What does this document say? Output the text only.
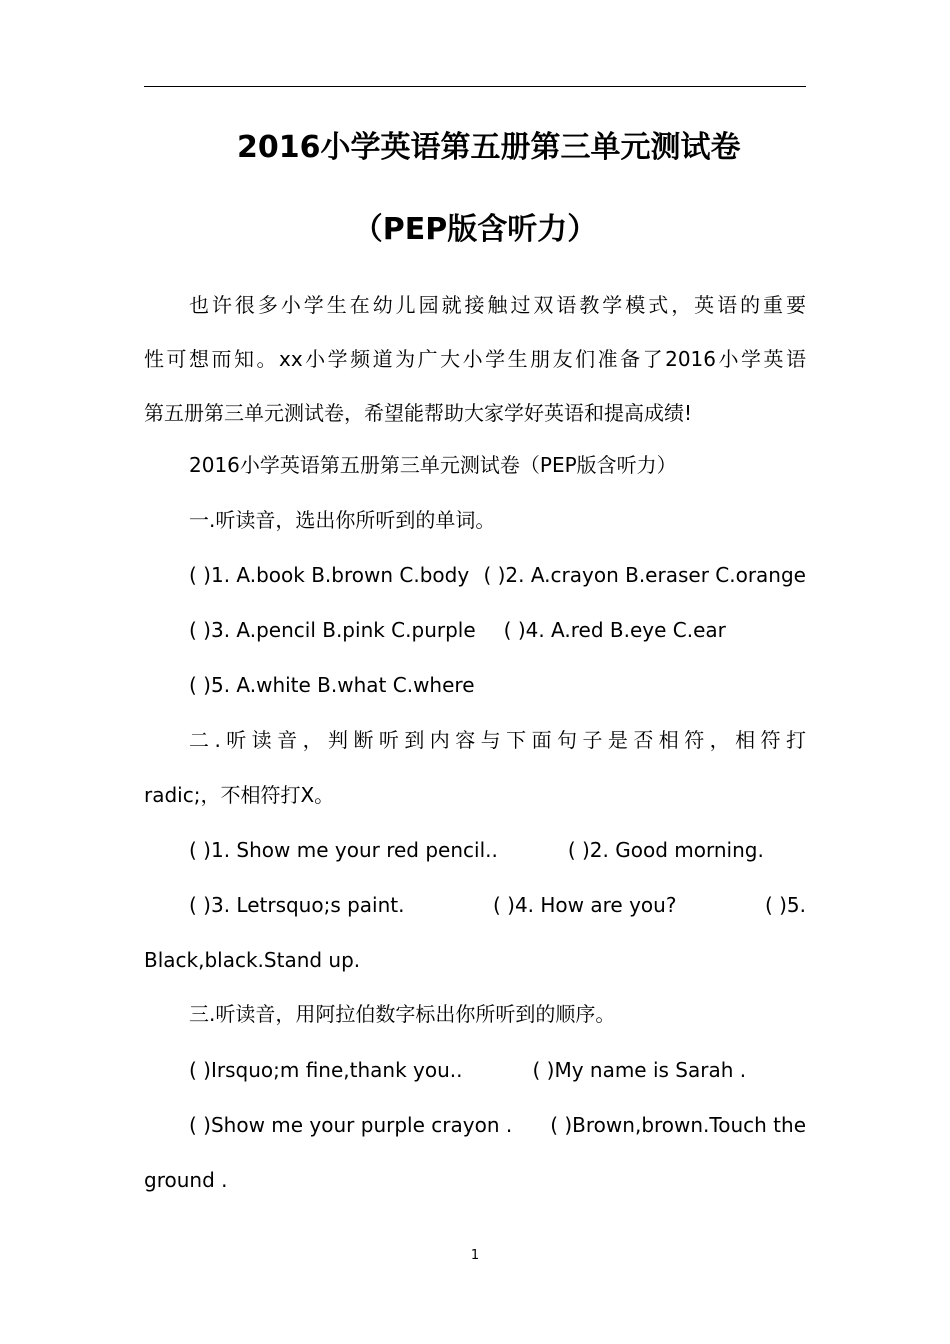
2016小学英语第五册第三单元测试卷
（PEP版含听力）
也许很多小学生在幼儿园就接触过双语教学模式，英语的重要
性可想而知。xx小学频道为广大小学生朋友们准备了2016小学英语
第五册第三单元测试卷，希望能帮助大家学好英语和提高成绩!
2016小学英语第五册第三单元测试卷（PEP版含听力）
一.听读音，选出你所听到的单词。
( )1. A.book B.brown C.body ( )2. A.crayon B.eraser C.orange
( )3. A.pencil B.pink C.purple ( )4. A.red B.eye C.ear
( )5. A.white B.what C.where
二.听读音，判断听到内容与下面句子是否相符，相符打
radic;，不相符打X。
( )1. Show me your red pencil..	( )2. Good morning.
( )3. Letrsquo;s paint.	( )4. How are you?	( )5.
Black,black.Stand up.
三.听读音，用阿拉伯数字标出你所听到的顺序。
( )Irsquo;m fine,thank you..	( )My name is Sarah .
( )Show me your purple crayon . ( )Brown,brown.Touch the
ground .
1
